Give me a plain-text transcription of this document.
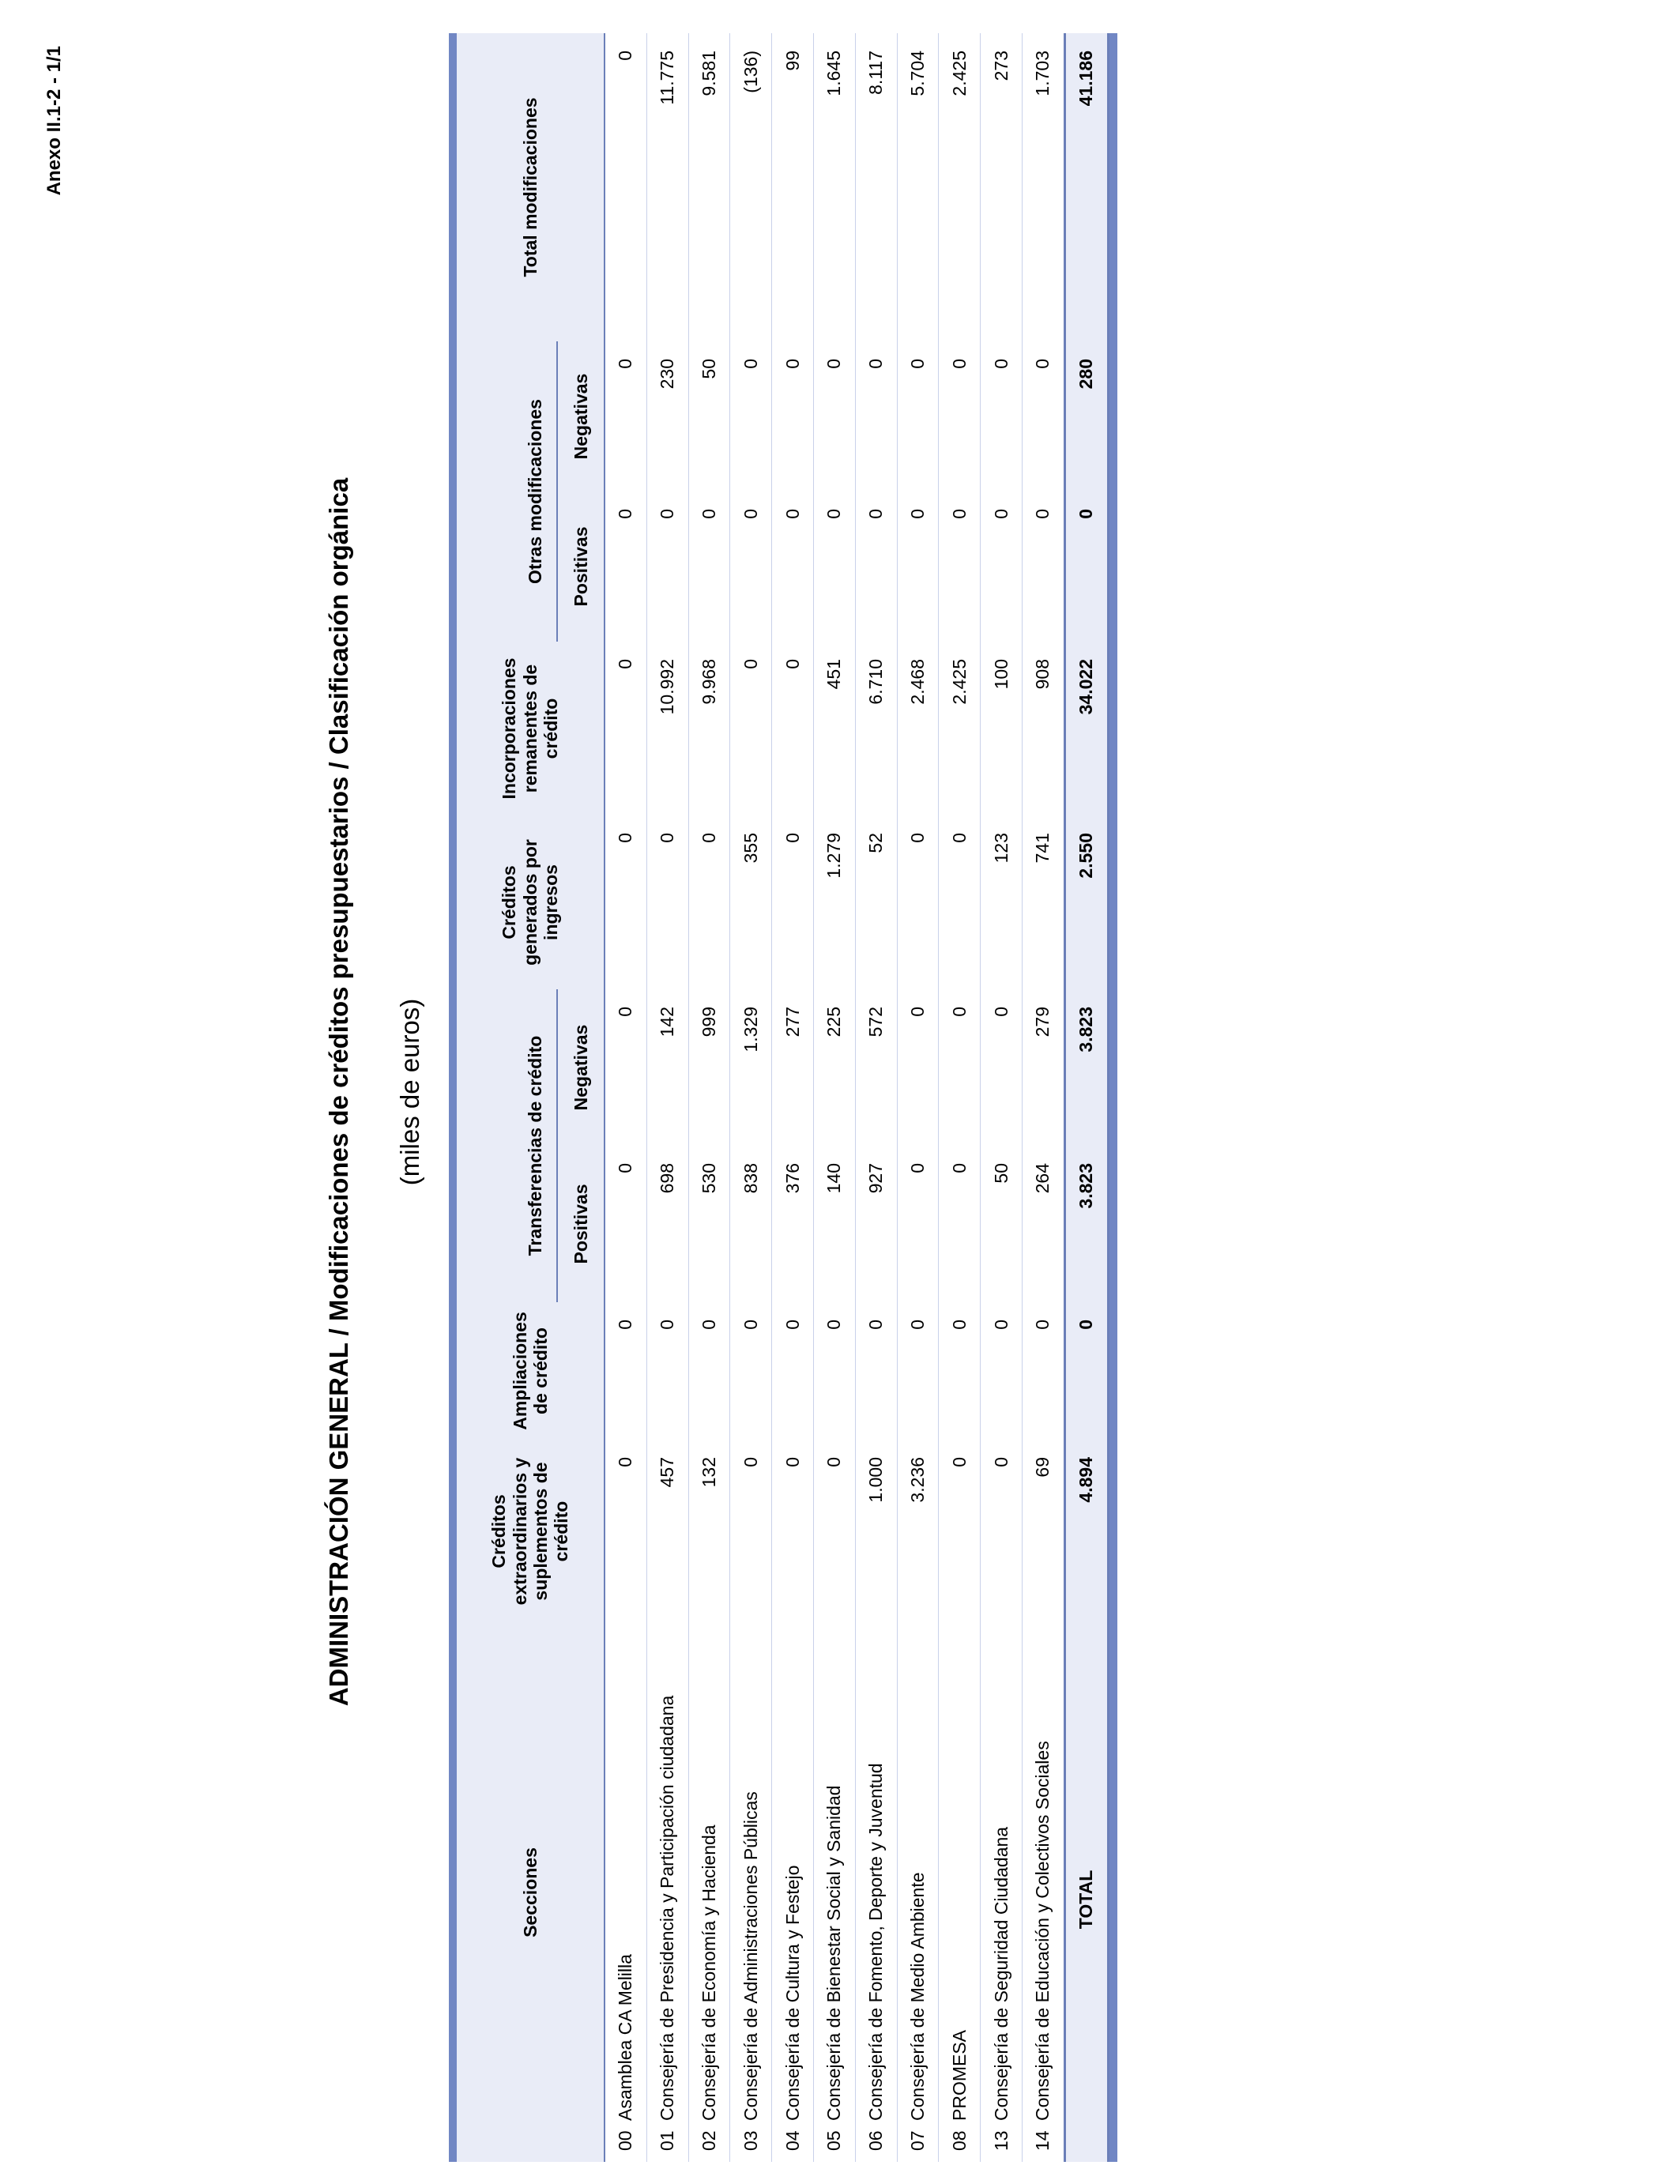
Anexo II.1-2 - 1/1
ADMINISTRACIÓN GENERAL / Modificaciones de créditos presupuestarios / Clasificación orgánica (miles de euros)

Secciones	Créditos extraordinarios y suplementos de crédito	Ampliaciones de crédito	Transferencias de crédito		Créditos generados por ingresos	Incorporaciones remanentes de crédito	Otras modificaciones		Total modificaciones
			Positivas	Negativas			Positivas	Negativas	
00Asamblea CA Melilla	0	0	0	0	0	0	0	0	0
01Consejería de Presidencia y Participación ciudadana	457	0	698	142	0	10.992	0	230	11.775
02Consejería de Economía y Hacienda	132	0	530	999	0	9.968	0	50	9.581
03Consejería de Administraciones Públicas	0	0	838	1.329	355	0	0	0	(136)
04Consejería de Cultura y Festejo	0	0	376	277	0	0	0	0	99
05Consejería de Bienestar Social y Sanidad	0	0	140	225	1.279	451	0	0	1.645
06Consejería de Fomento, Deporte y Juventud	1.000	0	927	572	52	6.710	0	0	8.117
07Consejería de Medio Ambiente	3.236	0	0	0	0	2.468	0	0	5.704
08PROMESA	0	0	0	0	0	2.425	0	0	2.425
13Consejería de Seguridad Ciudadana	0	0	50	0	123	100	0	0	273
14Consejería de Educación y Colectivos Sociales	69	0	264	279	741	908	0	0	1.703
TOTAL	4.894	0	3.823	3.823	2.550	34.022	0	280	41.186
